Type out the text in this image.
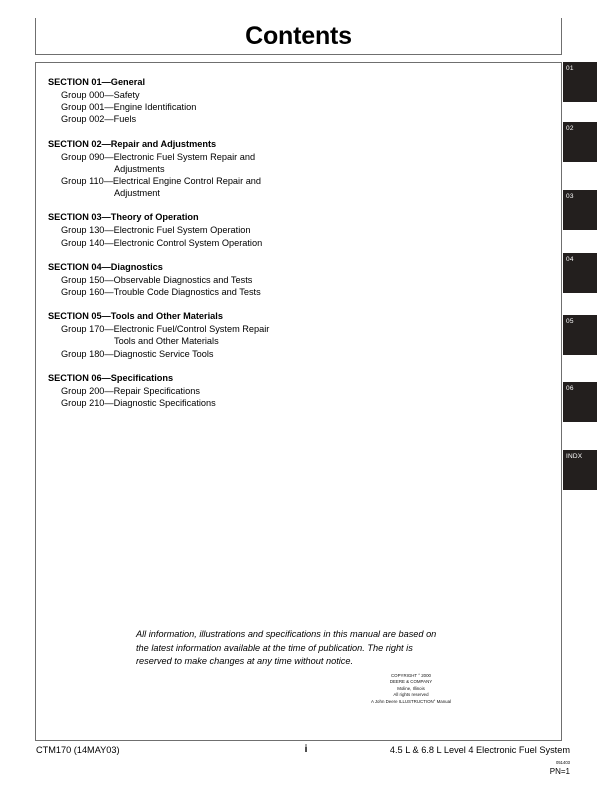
Contents
SECTION 01—General
Group 000—Safety
Group 001—Engine Identification
Group 002—Fuels
SECTION 02—Repair and Adjustments
Group 090—Electronic Fuel System Repair and
Adjustments
Group 110—Electrical Engine Control Repair and
Adjustment
SECTION 03—Theory of Operation
Group 130—Electronic Fuel System Operation
Group 140—Electronic Control System Operation
SECTION 04—Diagnostics
Group 150—Observable Diagnostics and Tests
Group 160—Trouble Code Diagnostics and Tests
SECTION 05—Tools and Other Materials
Group 170—Electronic Fuel/Control System Repair
Tools and Other Materials
Group 180—Diagnostic Service Tools
SECTION 06—Specifications
Group 200—Repair Specifications
Group 210—Diagnostic Specifications
All information, illustrations and specifications in this manual are based on
the latest information available at the time of publication. The right is
reserved to make changes at any time without notice.
COPYRIGHT ° 2000
DEERE & COMPANY
Moline, Illinois
All rights reserved
A John Deere ILLUSTRUCTION° Manual
01
02
03
04
05
06
INDX
CTM170 (14MAY03)	i	4.5 L & 6.8 L Level 4 Electronic Fuel System
051403
PN=1
